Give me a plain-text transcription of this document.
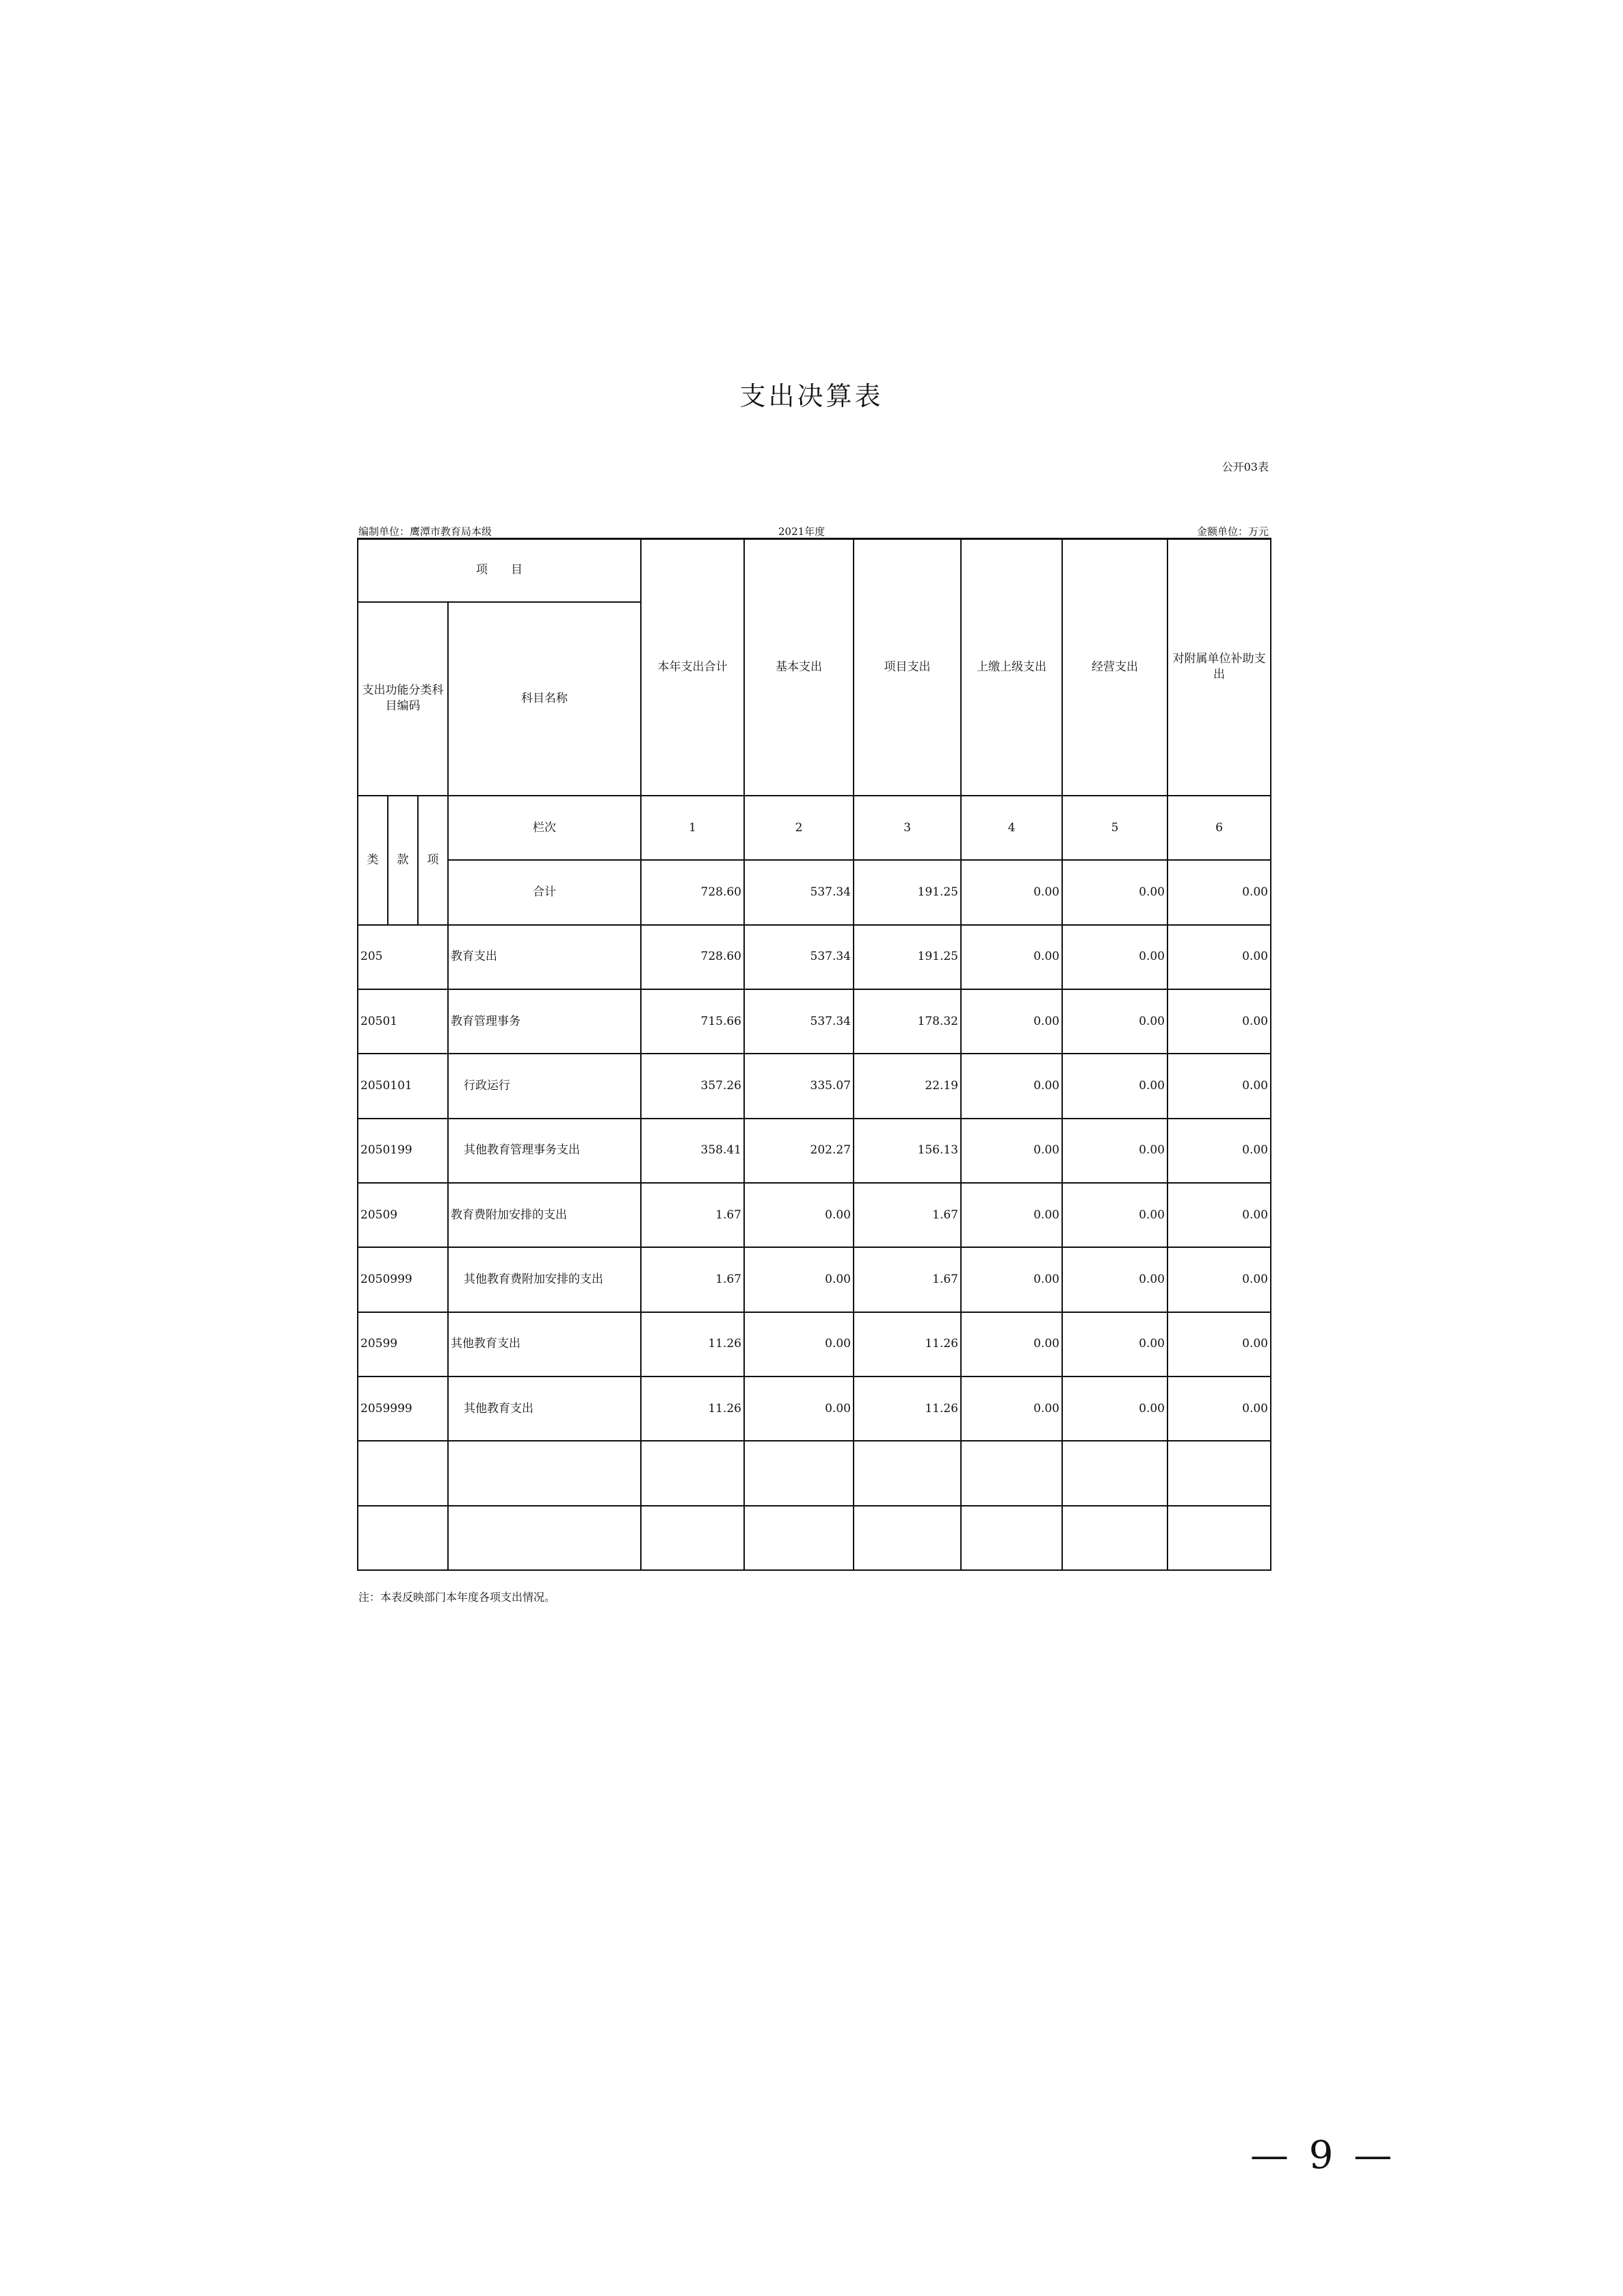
支出决算表
公开03表
编制单位：鹰潭市教育局本级	2021年度	金额单位：万元
项　　目				本年支出合计	基本支出	项目支出	上缴上级支出	经营支出	对附属单位补助支出
支出功能分类科目编码			科目名称						
类	款	项	栏次	1	2	3	4	5	6
			合计	728.60	537.34	191.25	0.00	0.00	0.00
205			教育支出	728.60	537.34	191.25	0.00	0.00	0.00
20501			教育管理事务	715.66	537.34	178.32	0.00	0.00	0.00
2050101			行政运行	357.26	335.07	22.19	0.00	0.00	0.00
2050199			其他教育管理事务支出	358.41	202.27	156.13	0.00	0.00	0.00
20509			教育费附加安排的支出	1.67	0.00	1.67	0.00	0.00	0.00
2050999			其他教育费附加安排的支出	1.67	0.00	1.67	0.00	0.00	0.00
20599			其他教育支出	11.26	0.00	11.26	0.00	0.00	0.00
2059999			其他教育支出	11.26	0.00	11.26	0.00	0.00	0.00

注：本表反映部门本年度各项支出情况。
— 9 —
